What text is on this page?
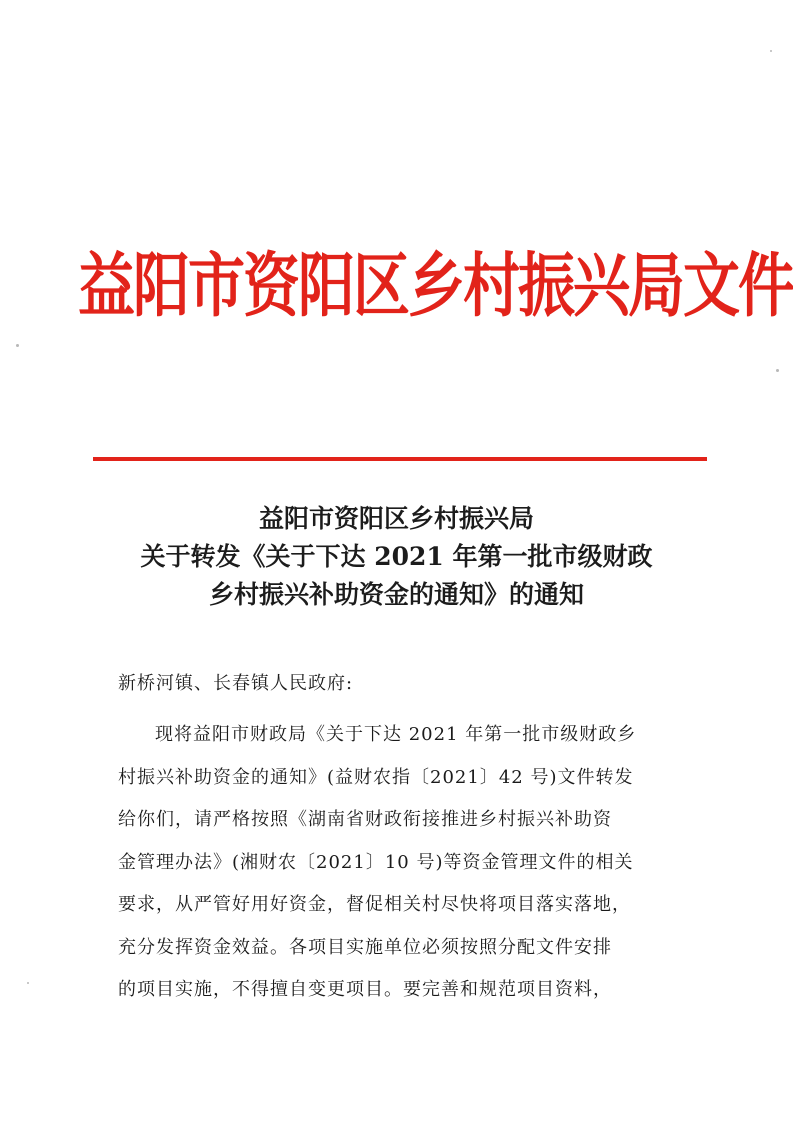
益阳市资阳区乡村振兴局文件
益阳市资阳区乡村振兴局
关于转发《关于下达 2021 年第一批市级财政
乡村振兴补助资金的通知》的通知
新桥河镇、长春镇人民政府:
现将益阳市财政局《关于下达 2021 年第一批市级财政乡
村振兴补助资金的通知》(益财农指〔2021〕42 号)文件转发
给你们，请严格按照《湖南省财政衔接推进乡村振兴补助资
金管理办法》(湘财农〔2021〕10 号)等资金管理文件的相关
要求，从严管好用好资金，督促相关村尽快将项目落实落地，
充分发挥资金效益。各项目实施单位必须按照分配文件安排
的项目实施，不得擅自变更项目。要完善和规范项目资料，
